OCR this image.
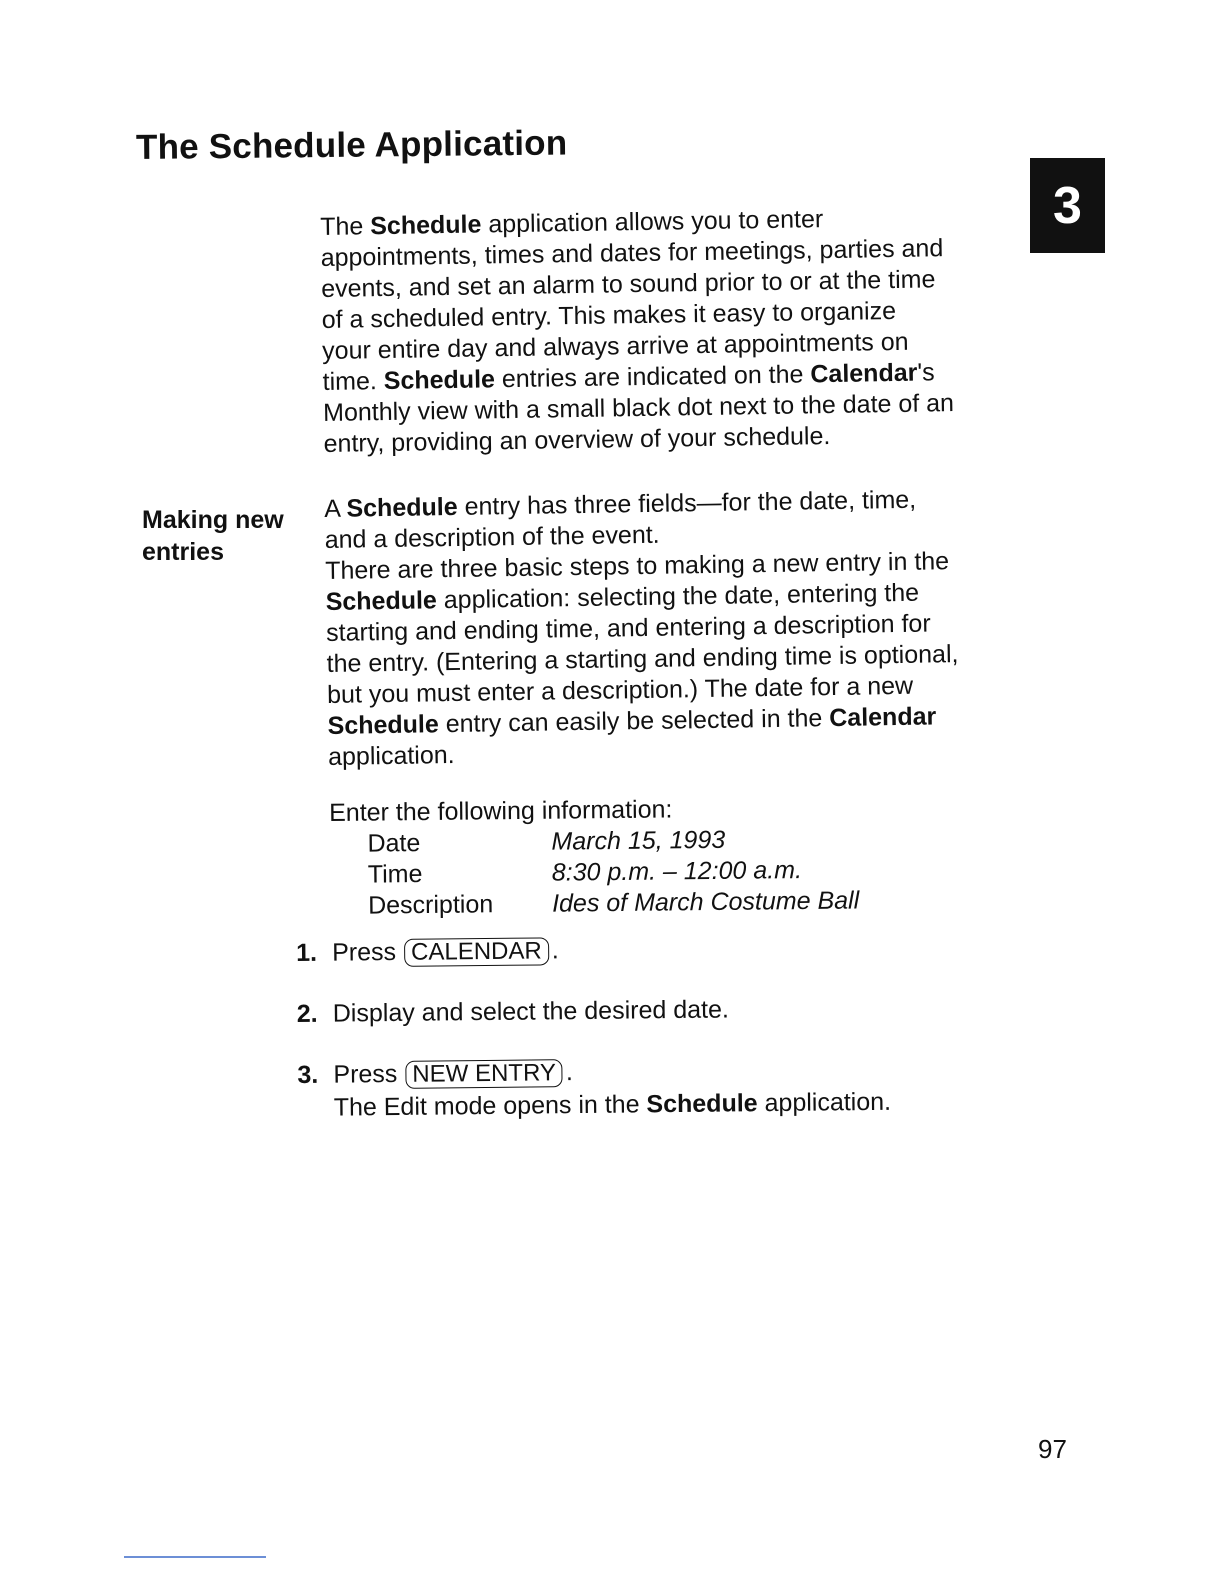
The Schedule Application
3
The Schedule application allows you to enter
appointments, times and dates for meetings, parties and
events, and set an alarm to sound prior to or at the time
of a scheduled entry. This makes it easy to organize
your entire day and always arrive at appointments on
time. Schedule entries are indicated on the Calendar's
Monthly view with a small black dot next to the date of an
entry, providing an overview of your schedule.
Making new
entries
A Schedule entry has three fields—for the date, time,
and a description of the event.
There are three basic steps to making a new entry in the
Schedule application: selecting the date, entering the
starting and ending time, and entering a description for
the entry. (Entering a starting and ending time is optional,
but you must enter a description.) The date for a new
Schedule entry can easily be selected in the Calendar
application.
Enter the following information:
Date	March 15, 1993
Time	8:30 p.m. – 12:00 a.m.
Description	Ides of March Costume Ball
1. Press CALENDAR .
2. Display and select the desired date.
3. Press NEW ENTRY .
The Edit mode opens in the Schedule application.
97
